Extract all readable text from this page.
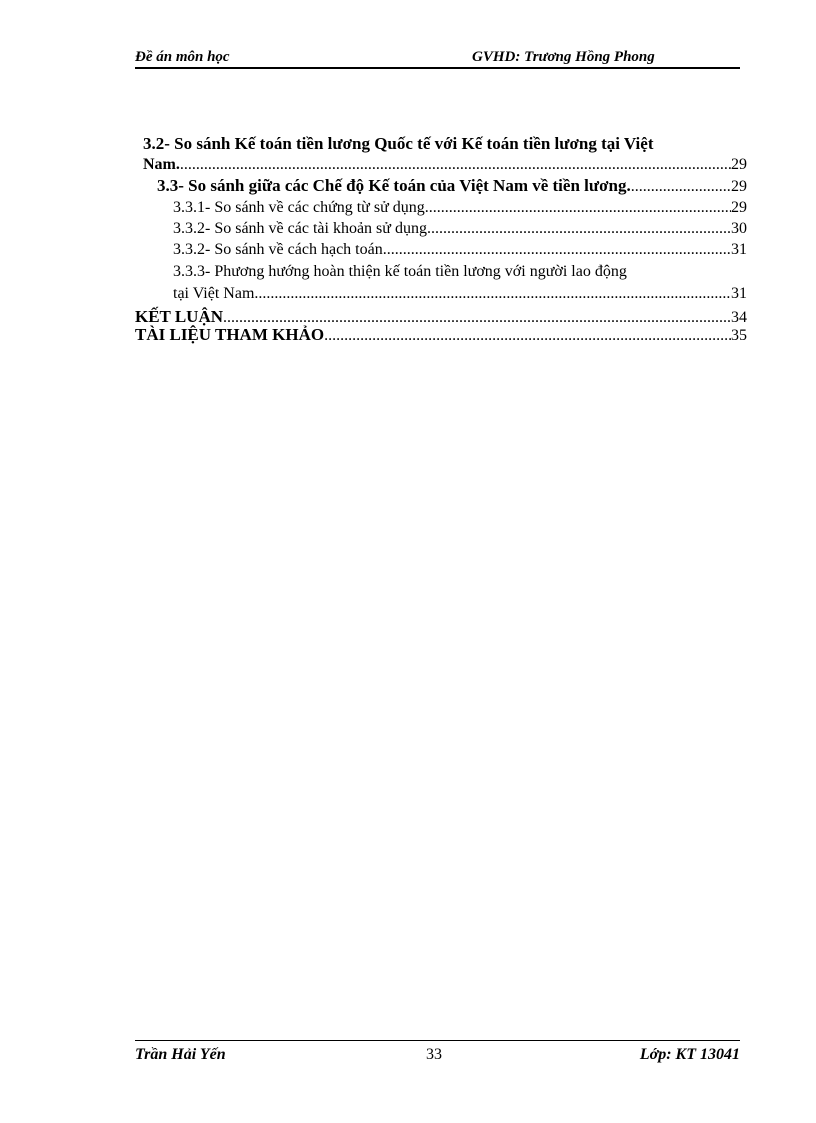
Đề án môn học	GVHD: Trương Hồng Phong
3.2- So sánh Kế toán tiền lương Quốc tế với Kế toán tiền lương tại Việt
Nam. .....	29
3.3- So sánh giữa các Chế độ Kế toán của Việt Nam về tiền lương. .....	29
3.3.1- So sánh về các chứng từ sử dụng .....	29
3.3.2- So sánh về các tài khoản sử dụng .....	30
3.3.2- So sánh về cách hạch toán .....	31
3.3.3- Phương hướng hoàn thiện kế toán tiền lương với người lao động
tại Việt Nam .....	31
KẾT LUẬN .....	34
TÀI LIỆU THAM KHẢO .....	35
Trần Hải Yến	33	Lớp: KT 13041
